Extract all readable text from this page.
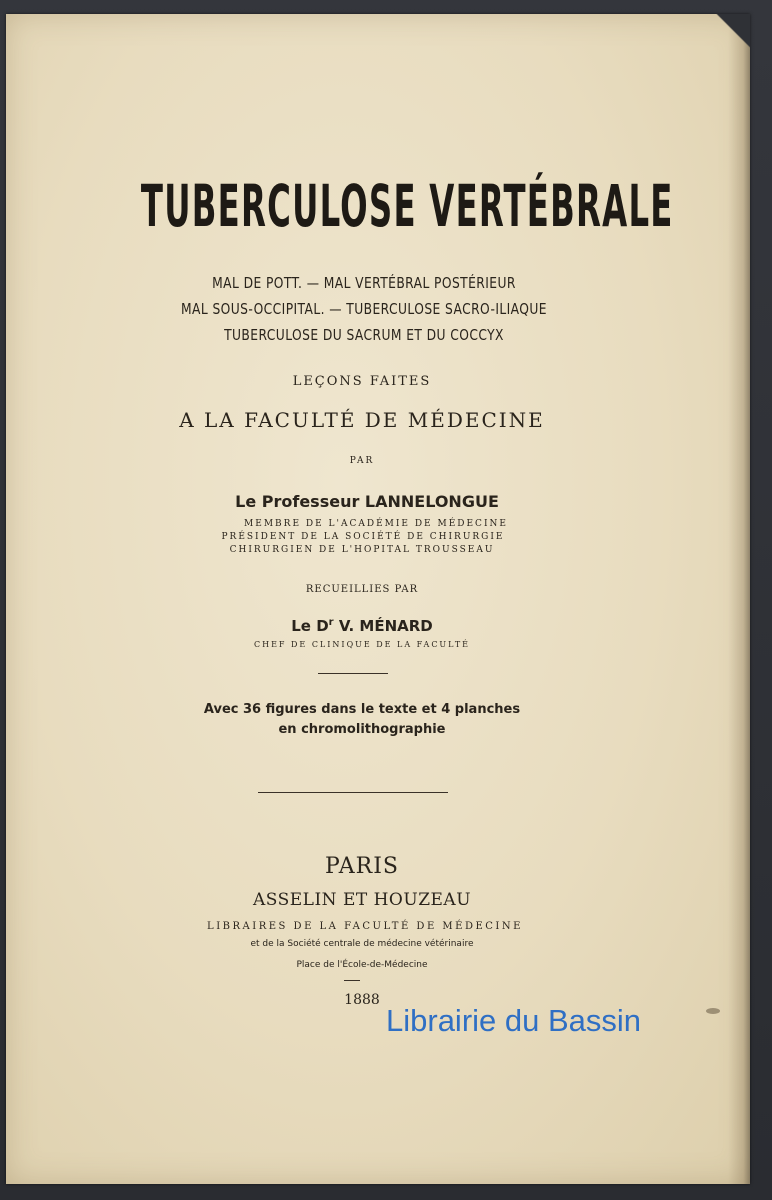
TUBERCULOSE VERTÉBRALE
MAL DE POTT. — MAL VERTÉBRAL POSTÉRIEUR
MAL SOUS-OCCIPITAL. — TUBERCULOSE SACRO-ILIAQUE
TUBERCULOSE DU SACRUM ET DU COCCYX
LEÇONS FAITES
A LA FACULTÉ DE MÉDECINE
PAR
Le Professeur LANNELONGUE
MEMBRE DE L'ACADÉMIE DE MÉDECINE
PRÉSIDENT DE LA SOCIÉTÉ DE CHIRURGIE
CHIRURGIEN DE L'HOPITAL TROUSSEAU
RECUEILLIES PAR
Le $D^r$ V. MÉNARD
CHEF DE CLINIQUE DE LA FACULTÉ
Avec 36 figures dans le texte et 4 planches
en chromolithographie
PARIS
ASSELIN ET HOUZEAU
LIBRAIRES DE LA FACULTÉ DE MÉDECINE
et de la Société centrale de médecine vétérinaire
Place de l'École-de-Médecine
1888
Librairie du Bassin
